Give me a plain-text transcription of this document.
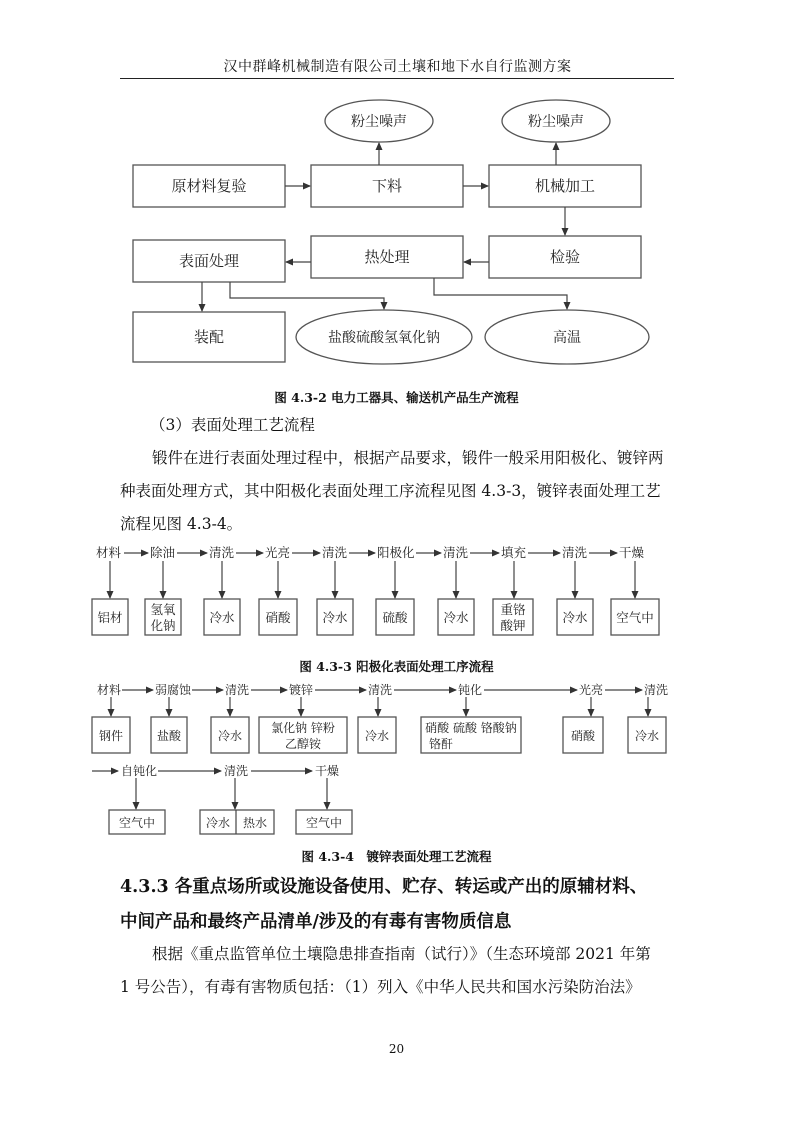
汉中群峰机械制造有限公司土壤和地下水自行监测方案
粉尘噪声	粉尘噪声
原材料复验	下料	机械加工
表面处理	热处理	检验
装配	盐酸硫酸氢氧化钠	高温
材料 除油	清洗 光亮	清洗 阳极化 清洗	填充	清洗	干燥
铝材
氢氧
化钠
冷水 硝酸	冷水	硫酸	冷水
重铬
酸钾
冷水 空气中
材料	弱腐蚀	清洗	镀锌	清洗	钝化	光亮	清洗
钢件	盐酸	冷水
氯化钠 锌粉
乙醇铵
冷水
硝酸 硫酸 铬酸钠
铬酐
硝酸	冷水
自钝化	清洗	干燥
空气中	冷水 热水	空气中
图 4.3-2 电力工器具、输送机产品生产流程
（3）表面处理工艺流程
锻件在进行表面处理过程中，根据产品要求，锻件一般采用阳极化、镀锌两
种表面处理方式，其中阳极化表面处理工序流程见图 4.3-3，镀锌表面处理工艺
流程见图 4.3-4。
图 4.3-3 阳极化表面处理工序流程
图 4.3-4　镀锌表面处理工艺流程
4.3.3 各重点场所或设施设备使用、贮存、转运或产出的原辅材料、
中间产品和最终产品清单/涉及的有毒有害物质信息
根据《重点监管单位土壤隐患排查指南（试行）》（生态环境部 2021 年第
1 号公告），有毒有害物质包括：（1）列入《中华人民共和国水污染防治法》
20
